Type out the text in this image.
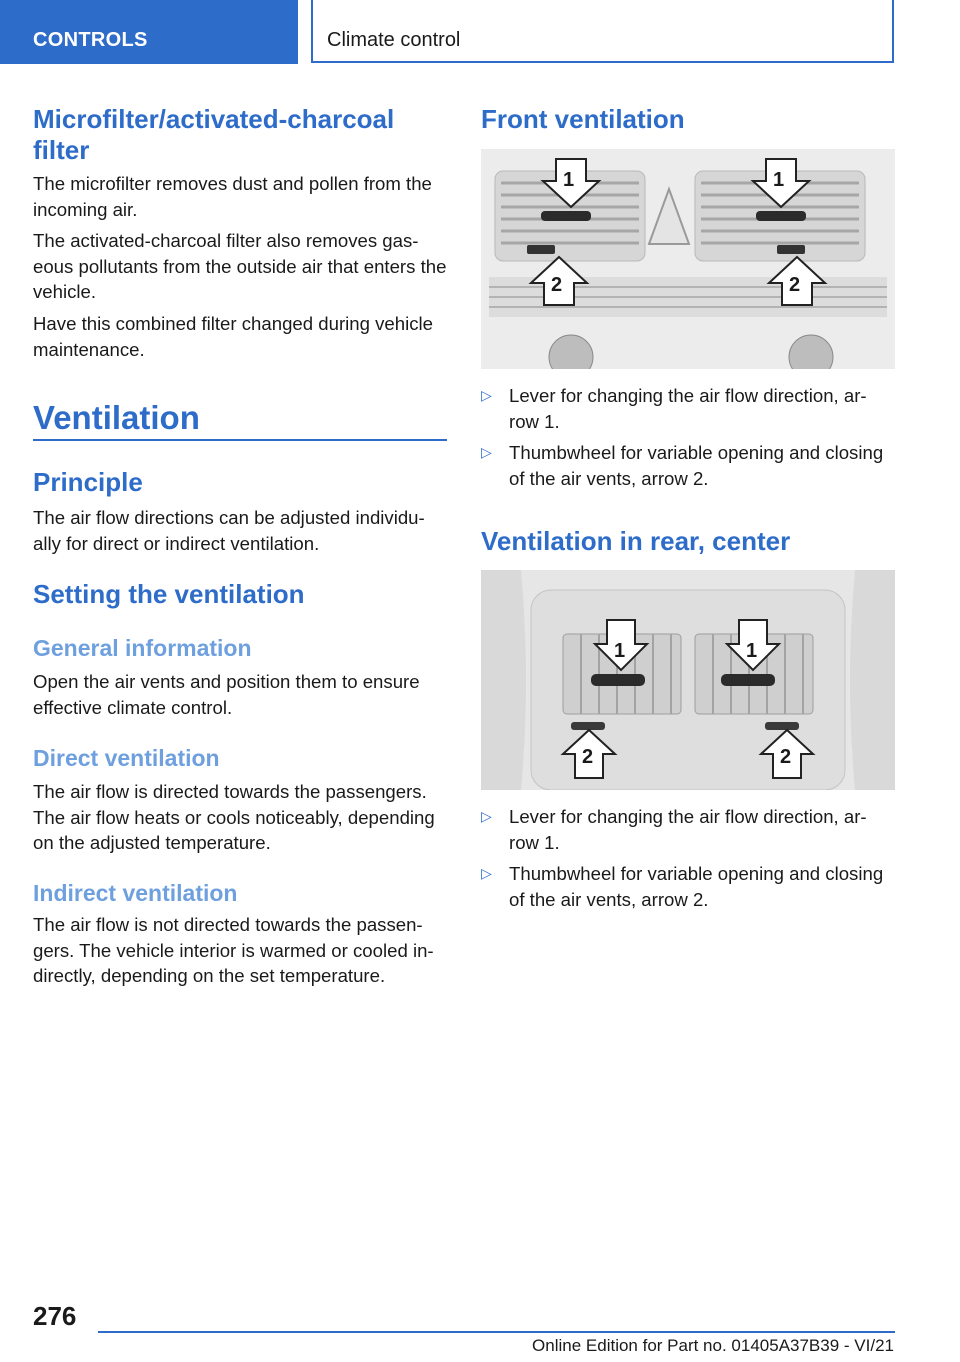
CONTROLS	Climate control
Microfilter/activated-charcoal filter

The microfilter removes dust and pollen from the incoming air.

The activated-charcoal filter also removes gas-eous pollutants from the outside air that enters the vehicle.

Have this combined filter changed during vehicle maintenance.

Ventilation
Principle

The air flow directions can be adjusted individu-ally for direct or indirect ventilation.

Setting the ventilation
General information

Open the air vents and position them to ensure effective climate control.

Direct ventilation

The air flow is directed towards the passengers. The air flow heats or cools noticeably, depending on the adjusted temperature.

Indirect ventilation

The air flow is not directed towards the passen-gers. The vehicle interior is warmed or cooled in-directly, depending on the set temperature.

Front ventilation
1	1
2	2
▷ Lever for changing the air flow direction, ar-row 1.
▷ Thumbwheel for variable opening and closing of the air vents, arrow 2.
Ventilation in rear, center
1	1
2	2
▷ Lever for changing the air flow direction, ar-row 1.
▷ Thumbwheel for variable opening and closing of the air vents, arrow 2.
276
Online Edition for Part no. 01405A37B39 - VI/21
